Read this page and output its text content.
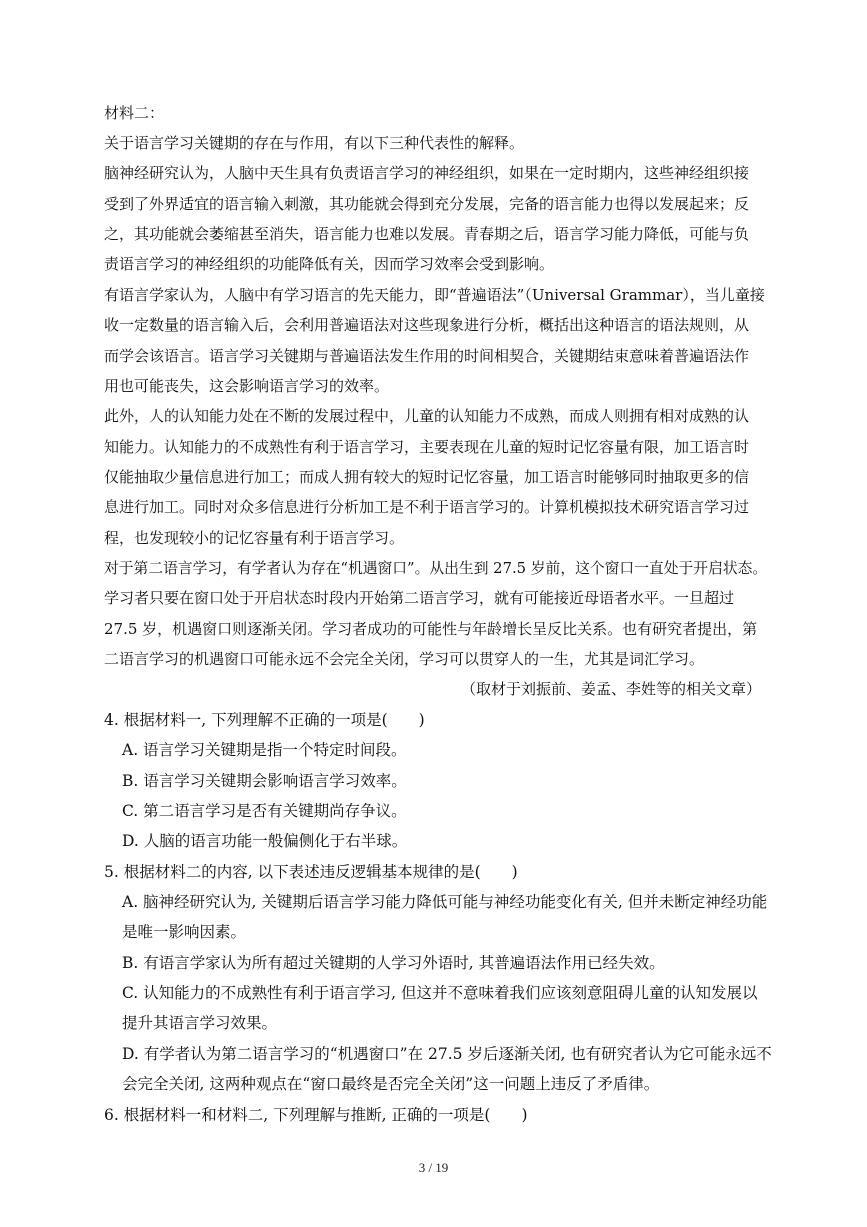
材料二：
关于语言学习关键期的存在与作用，有以下三种代表性的解释。
脑神经研究认为，人脑中天生具有负责语言学习的神经组织，如果在一定时期内，这些神经组织接
受到了外界适宜的语言输入刺激，其功能就会得到充分发展，完备的语言能力也得以发展起来；反
之，其功能就会萎缩甚至消失，语言能力也难以发展。青春期之后，语言学习能力降低，可能与负
责语言学习的神经组织的功能降低有关，因而学习效率会受到影响。
有语言学家认为，人脑中有学习语言的先天能力，即“普遍语法”（Universal Grammar），当儿童接
收一定数量的语言输入后，会利用普遍语法对这些现象进行分析，概括出这种语言的语法规则，从
而学会该语言。语言学习关键期与普遍语法发生作用的时间相契合，关键期结束意味着普遍语法作
用也可能丧失，这会影响语言学习的效率。
此外，人的认知能力处在不断的发展过程中，儿童的认知能力不成熟，而成人则拥有相对成熟的认
知能力。认知能力的不成熟性有利于语言学习，主要表现在儿童的短时记忆容量有限，加工语言时
仅能抽取少量信息进行加工；而成人拥有较大的短时记忆容量，加工语言时能够同时抽取更多的信
息进行加工。同时对众多信息进行分析加工是不利于语言学习的。计算机模拟技术研究语言学习过
程，也发现较小的记忆容量有利于语言学习。
对于第二语言学习，有学者认为存在“机遇窗口”。从出生到 27.5 岁前，这个窗口一直处于开启状态。
学习者只要在窗口处于开启状态时段内开始第二语言学习，就有可能接近母语者水平。一旦超过
27.5 岁，机遇窗口则逐渐关闭。学习者成功的可能性与年龄增长呈反比关系。也有研究者提出，第
二语言学习的机遇窗口可能永远不会完全关闭，学习可以贯穿人的一生，尤其是词汇学习。
（取材于刘振前、姜孟、李姓等的相关文章）
4. 根据材料一, 下列理解不正确的一项是(　　)
A. 语言学习关键期是指一个特定时间段。
B. 语言学习关键期会影响语言学习效率。
C. 第二语言学习是否有关键期尚存争议。
D. 人脑的语言功能一般偏侧化于右半球。
5. 根据材料二的内容, 以下表述违反逻辑基本规律的是(　　)
A. 脑神经研究认为, 关键期后语言学习能力降低可能与神经功能变化有关, 但并未断定神经功能
是唯一影响因素。
B. 有语言学家认为所有超过关键期的人学习外语时, 其普遍语法作用已经失效。
C. 认知能力的不成熟性有利于语言学习, 但这并不意味着我们应该刻意阻碍儿童的认知发展以
提升其语言学习效果。
D. 有学者认为第二语言学习的“机遇窗口”在 27.5 岁后逐渐关闭, 也有研究者认为它可能永远不
会完全关闭, 这两种观点在“窗口最终是否完全关闭”这一问题上违反了矛盾律。
6. 根据材料一和材料二, 下列理解与推断, 正确的一项是(　　)
3 / 19
